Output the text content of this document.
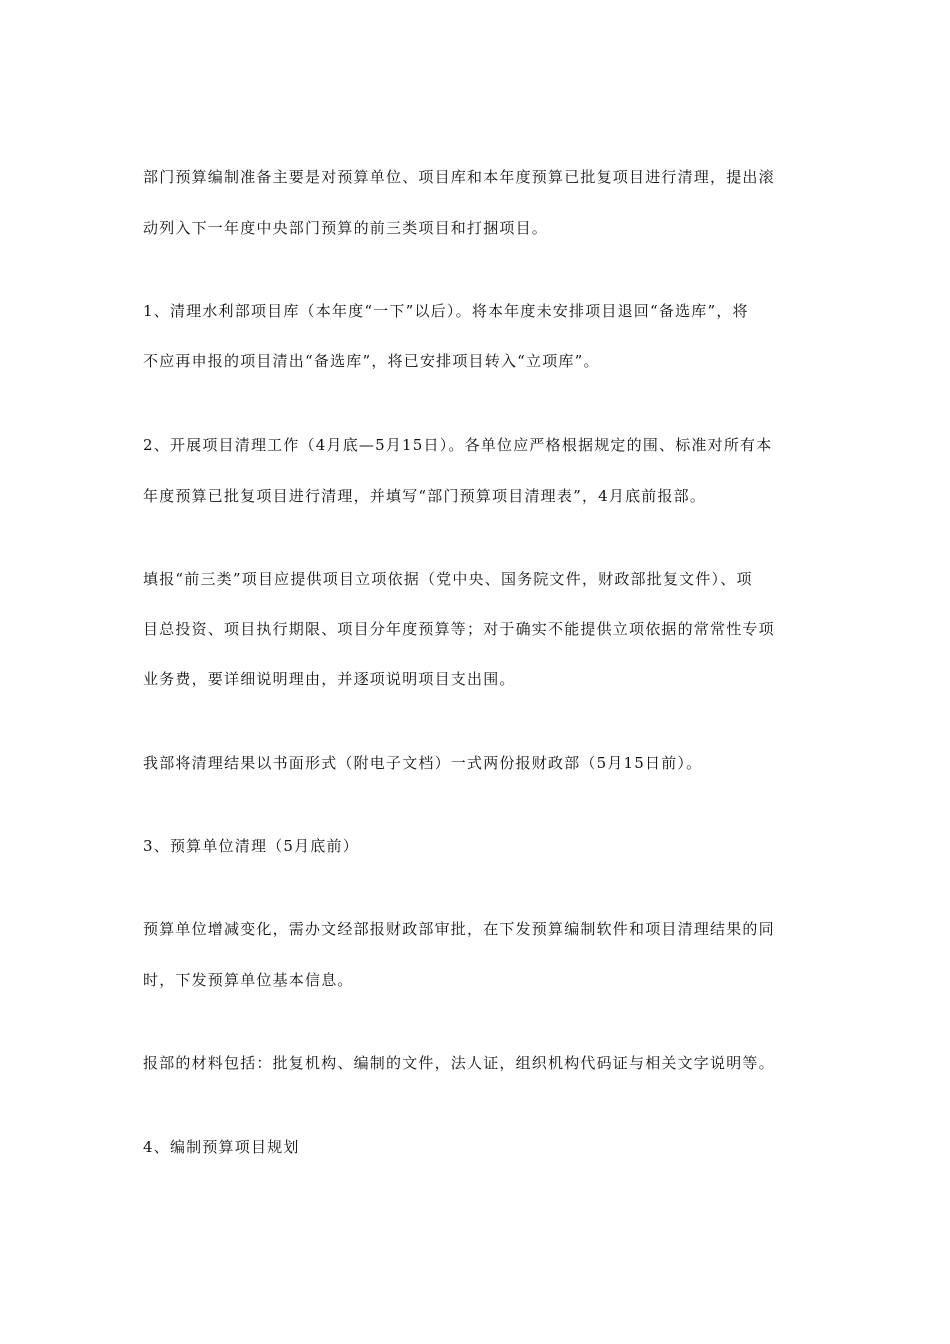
部门预算编制准备主要是对预算单位、项目库和本年度预算已批复项目进行清理，提出滚
动列入下一年度中央部门预算的前三类项目和打捆项目。
1、清理水利部项目库（本年度“一下”以后）。将本年度未安排项目退回“备选库”，将
不应再申报的项目清出“备选库”，将已安排项目转入“立项库”。
2、开展项目清理工作（4月底—5月15日）。各单位应严格根据规定的围、标准对所有本
年度预算已批复项目进行清理，并填写“部门预算项目清理表”，4月底前报部。
填报“前三类”项目应提供项目立项依据（党中央、国务院文件，财政部批复文件）、项
目总投资、项目执行期限、项目分年度预算等；对于确实不能提供立项依据的常常性专项
业务费，要详细说明理由，并逐项说明项目支出围。
我部将清理结果以书面形式（附电子文档）一式两份报财政部（5月15日前）。
3、预算单位清理（5月底前）
预算单位增减变化，需办文经部报财政部审批，在下发预算编制软件和项目清理结果的同
时，下发预算单位基本信息。
报部的材料包括：批复机构、编制的文件，法人证，组织机构代码证与相关文字说明等。
4、编制预算项目规划
